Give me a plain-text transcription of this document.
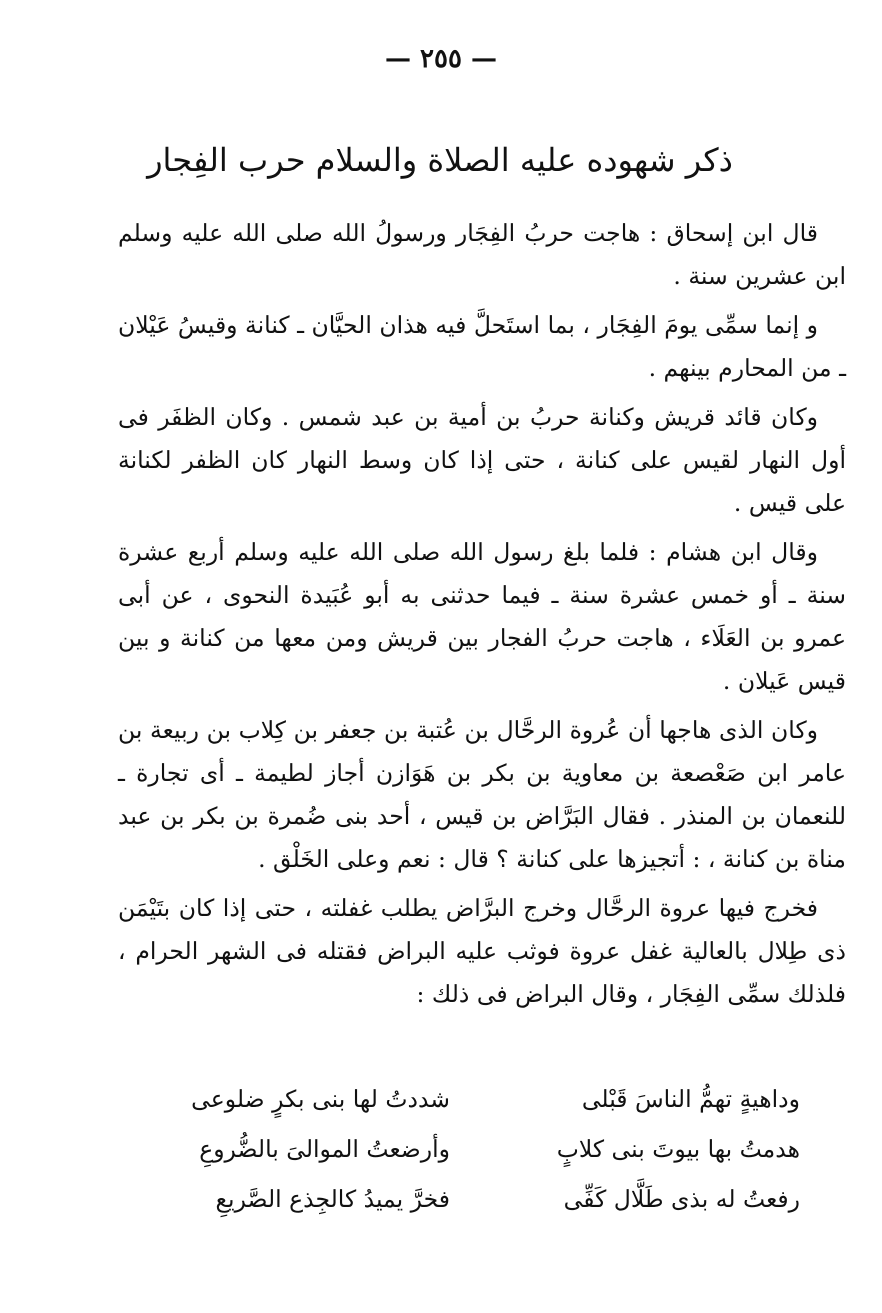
— ٢٥٥ —
ذكر شهوده عليه الصلاة والسلام حرب الفِجار

قال ابن إسحاق : هاجت حربُ الفِجَار ورسولُ الله صلى الله عليه وسلم ابن عشرين سنة .

و إنما سمِّى يومَ الفِجَار ، بما استَحلَّ فيه هذان الحيَّان ـ كنانة وقيسُ عَيْلان ـ من المحارم بينهم .

وكان قائد قريش وكنانة حربُ بن أمية بن عبد شمس . وكان الظفَر فى أول النهار لقيس على كنانة ، حتى إذا كان وسط النهار كان الظفر لكنانة على قيس .

وقال ابن هشام : فلما بلغ رسول الله صلى الله عليه وسلم أربع عشرة سنة ـ أو خمس عشرة سنة ـ فيما حدثنى به أبو عُبَيدة النحوى ، عن أبى عمرو بن العَلَاء ، هاجت حربُ الفجار بين قريش ومن معها من كنانة و بين قيس عَيلان .

وكان الذى هاجها أن عُروة الرحَّال بن عُتبة بن جعفر بن كِلاب بن ربيعة بن عامر ابن صَعْصعة بن معاوية بن بكر بن هَوَازن أجاز لطيمة ـ أى تجارة ـ للنعمان بن المنذر . فقال البَرَّاض بن قيس ، أحد بنى ضُمرة بن بكر بن عبد مناة بن كنانة ، : أتجيزها على كنانة ؟ قال : نعم وعلى الخَلْق .

فخرج فيها عروة الرحَّال وخرج البرَّاض يطلب غفلته ، حتى إذا كان بتَيْمَن ذى طِلال بالعالية غفل عروة فوثب عليه البراض فقتله فى الشهر الحرام ، فلذلك سمِّى الفِجَار ، وقال البراض فى ذلك :

وداهيةٍ تهمُّ الناسَ قَبْلى
شددتُ لها بنى بكرٍ ضلوعى
هدمتُ بها بيوتَ بنى كلابٍ
وأرضعتُ الموالىَ بالضُّروعِ
رفعتُ له بذى طَلَّال كَفِّى
فخرَّ يميدُ كالجِذع الصَّريعِ
